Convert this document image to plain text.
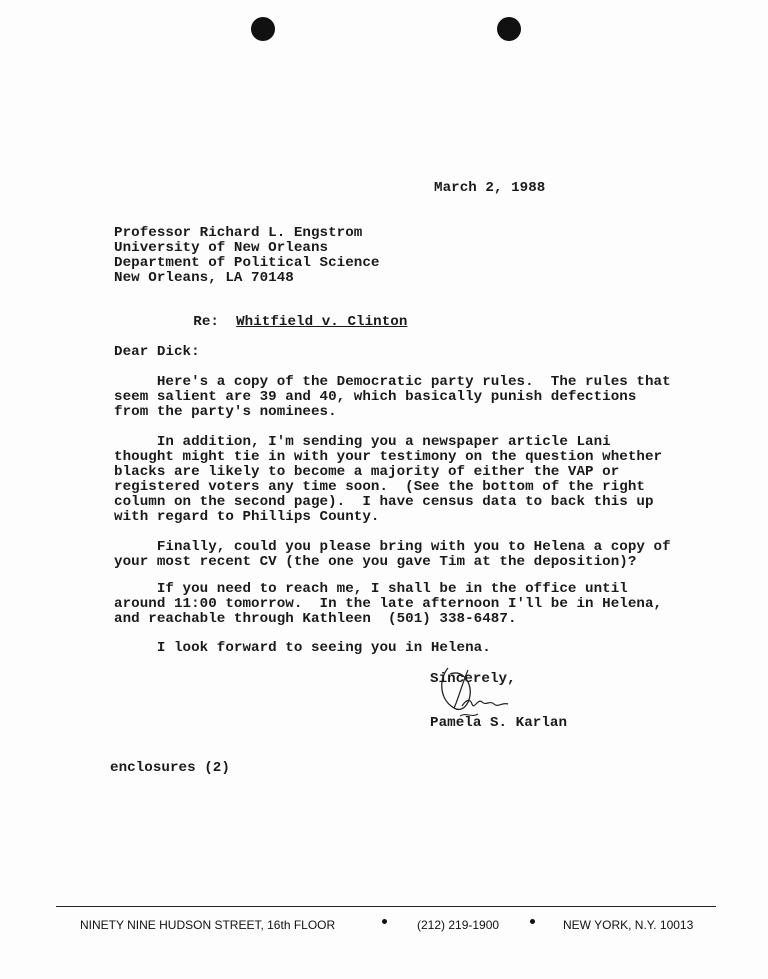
March 2, 1988
Professor Richard L. Engstrom
University of New Orleans
Department of Political Science
New Orleans, LA 70148

Re: Whitfield v. Clinton

Dear Dick:
Here's a copy of the Democratic party rules.  The rules that
seem salient are 39 and 40, which basically punish defections
from the party's nominees.
In addition, I'm sending you a newspaper article Lani
thought might tie in with your testimony on the question whether
blacks are likely to become a majority of either the VAP or
registered voters any time soon.  (See the bottom of the right
column on the second page).  I have census data to back this up
with regard to Phillips County.
Finally, could you please bring with you to Helena a copy of
your most recent CV (the one you gave Tim at the deposition)?
If you need to reach me, I shall be in the office until
around 11:00 tomorrow.  In the late afternoon I'll be in Helena,
and reachable through Kathleen  (501) 338-6487.
I look forward to seeing you in Helena.
Sincerely,
Pamela S. Karlan
enclosures (2)
NINETY NINE HUDSON STREET, 16th FLOOR	(212) 219-1900	NEW YORK, N.Y. 10013
